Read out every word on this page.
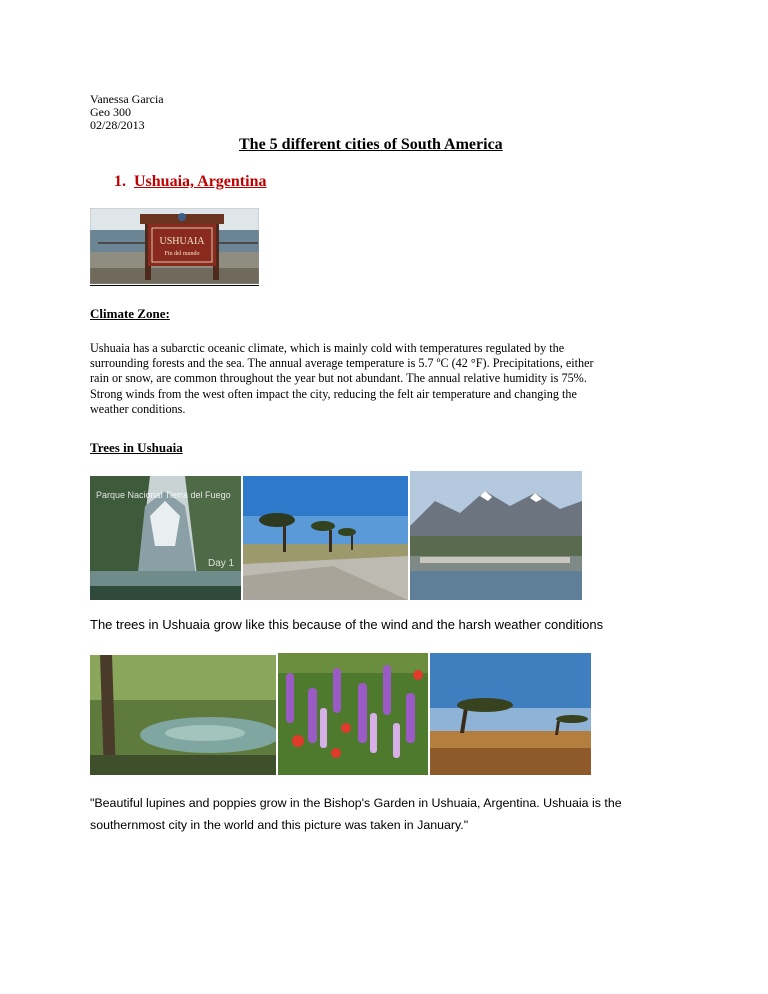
Vanessa Garcia
Geo 300
02/28/2013
The 5 different cities of South America
1. Ushuaia, Argentina
USHUAIA
Fin del mundo
Climate Zone:
Ushuaia has a subarctic oceanic climate, which is mainly cold with temperatures regulated by the
surrounding forests and the sea. The annual average temperature is 5.7 ºC (42 °F). Precipitations, either
rain or snow, are common throughout the year but not abundant. The annual relative humidity is 75%.
Strong winds from the west often impact the city, reducing the felt air temperature and changing the
weather conditions.
Trees in Ushuaia
Parque Nacional Tierra del Fuego
Day 1
The trees in Ushuaia grow like this because of the wind and the harsh weather conditions
"Beautiful lupines and poppies grow in the Bishop's Garden in Ushuaia, Argentina. Ushuaia is the
southernmost city in the world and this picture was taken in January."
